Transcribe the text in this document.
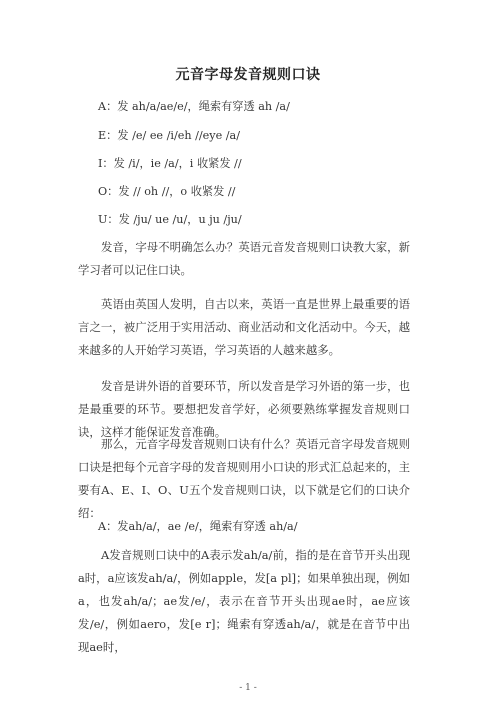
元音字母发音规则口诀
A：发 ah/a/ae/e/，绳索有穿透 ah /a/
E：发 /e/ ee /i/eh //eye /a/
I：发 /i/，ie /a/，i 收紧发 //
O：发 // oh //，o 收紧发 //
U：发 /ju/ ue /u/，u ju /ju/
发音，字母不明确怎么办？英语元音发音规则口诀教大家，新学习者可以记住口诀。
英语由英国人发明，自古以来，英语一直是世界上最重要的语言之一，被广泛用于实用活动、商业活动和文化活动中。今天，越来越多的人开始学习英语，学习英语的人越来越多。
发音是讲外语的首要环节，所以发音是学习外语的第一步，也是最重要的环节。要想把发音学好，必须要熟练掌握发音规则口诀，这样才能保证发音准确。
那么，元音字母发音规则口诀有什么？英语元音字母发音规则口诀是把每个元音字母的发音规则用小口诀的形式汇总起来的，主要有A、E、I、O、U五个发音规则口诀，以下就是它们的口诀介绍：
A：发ah/a/，ae /e/，绳索有穿透 ah/a/
A发音规则口诀中的A表示发ah/a/前，指的是在音节开头出现a时，a应该发ah/a/，例如apple，发[a pl]；如果单独出现，例如a，也发ah/a/；ae发/e/，表示在音节开头出现ae时，ae应该发/e/，例如aero，发[e r]；绳索有穿透ah/a/，就是在音节中出现ae时，
- 1 -
